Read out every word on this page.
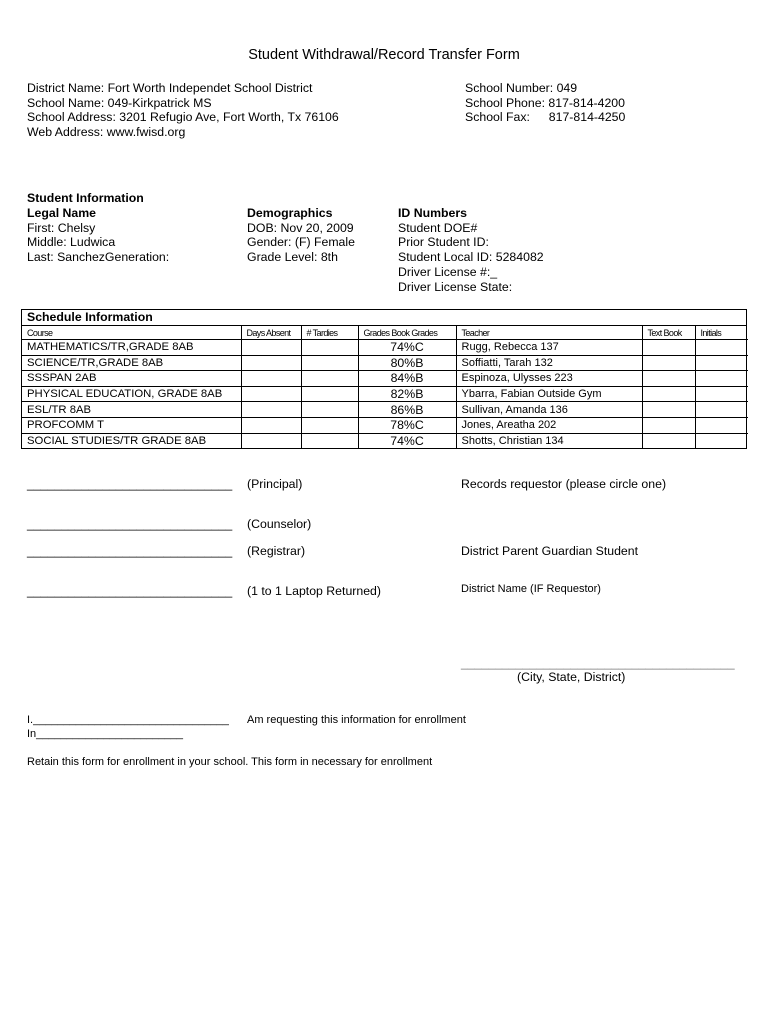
Student Withdrawal/Record Transfer Form
District Name: Fort Worth Independet School District
School Name: 049-Kirkpatrick MS
School Address: 3201 Refugio Ave, Fort Worth, Tx 76106
Web Address: www.fwisd.org
School Number: 049
School Phone: 817-814-4200
School Fax: 817-814-4250
Student Information
Legal Name
First: Chelsy
Middle: Ludwica
Last: SanchezGeneration:
Demographics
DOB: Nov 20, 2009
Gender: (F) Female
Grade Level: 8th
ID Numbers
Student DOE#
Prior Student ID:
Student Local ID: 5284082
Driver License #:_
Driver License State:
Schedule Information
Course	Days Absent	# Tardies	Grades Book Grades	Teacher	Text Book	Initials
MATHEMATICS/TR,GRADE 8AB			74%C	Rugg, Rebecca 137		
SCIENCE/TR,GRADE 8AB			80%B	Soffiatti, Tarah 132		
SSSPAN 2AB			84%B	Espinoza, Ulysses 223		
PHYSICAL EDUCATION, GRADE 8AB			82%B	Ybarra, Fabian Outside Gym		
ESL/TR 8AB			86%B	Sullivan, Amanda 136		
PROFCOMM T			78%C	Jones, Areatha 202		
SOCIAL STUDIES/TR GRADE 8AB			74%C	Shotts, Christian 134		
______________________________ (Principal)	Records requestor (please circle one)
______________________________ (Counselor)
______________________________ (Registrar)	District Parent Guardian Student
______________________________ (1 to 1 Laptop Returned)	District Name (IF Requestor)
________________________________________
(City, State, District)
I.________________________________ Am requesting this information for enrollment
In________________________
Retain this form for enrollment in your school. This form in necessary for enrollment
